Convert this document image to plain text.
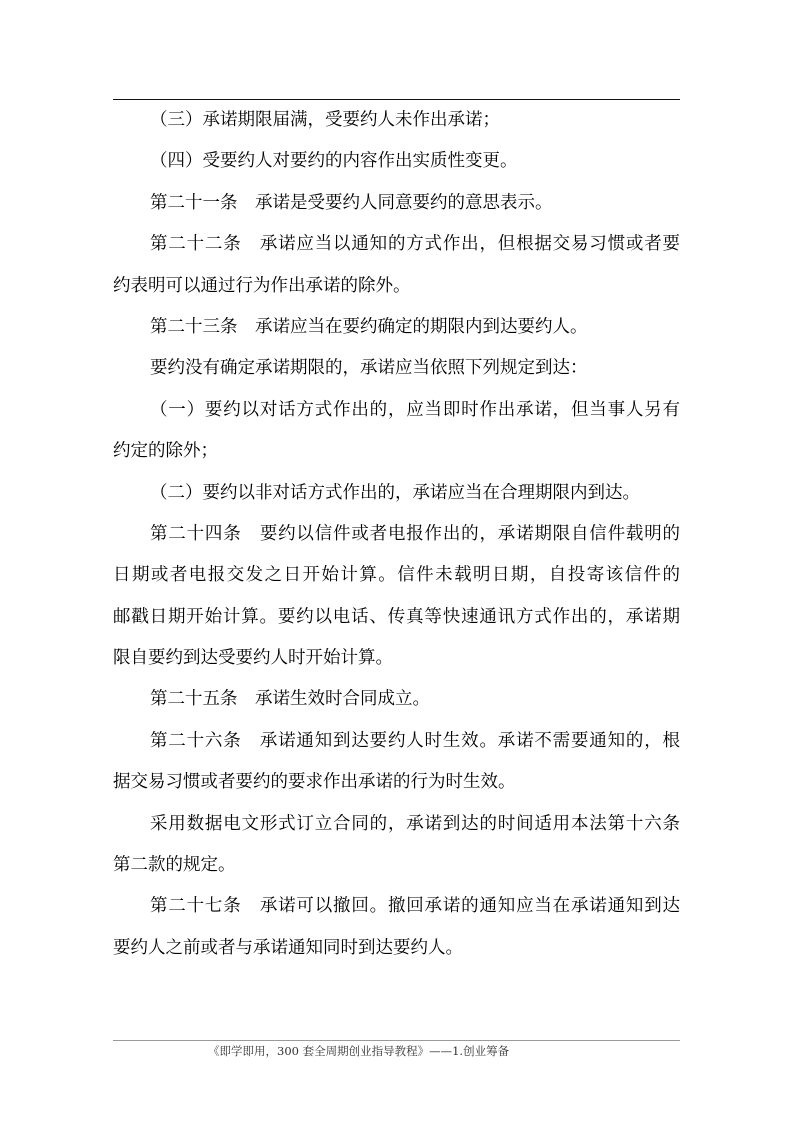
（三）承诺期限届满，受要约人未作出承诺；
（四）受要约人对要约的内容作出实质性变更。
第二十一条　承诺是受要约人同意要约的意思表示。
第二十二条　承诺应当以通知的方式作出，但根据交易习惯或者要
约表明可以通过行为作出承诺的除外。
第二十三条　承诺应当在要约确定的期限内到达要约人。
要约没有确定承诺期限的，承诺应当依照下列规定到达：
（一）要约以对话方式作出的，应当即时作出承诺，但当事人另有
约定的除外；
（二）要约以非对话方式作出的，承诺应当在合理期限内到达。
第二十四条　要约以信件或者电报作出的，承诺期限自信件载明的
日期或者电报交发之日开始计算。信件未载明日期，自投寄该信件的
邮戳日期开始计算。要约以电话、传真等快速通讯方式作出的，承诺期
限自要约到达受要约人时开始计算。
第二十五条　承诺生效时合同成立。
第二十六条　承诺通知到达要约人时生效。承诺不需要通知的，根
据交易习惯或者要约的要求作出承诺的行为时生效。
采用数据电文形式订立合同的，承诺到达的时间适用本法第十六条
第二款的规定。
第二十七条　承诺可以撤回。撤回承诺的通知应当在承诺通知到达
要约人之前或者与承诺通知同时到达要约人。
《即学即用，300 套全周期创业指导教程》——1.创业筹备
